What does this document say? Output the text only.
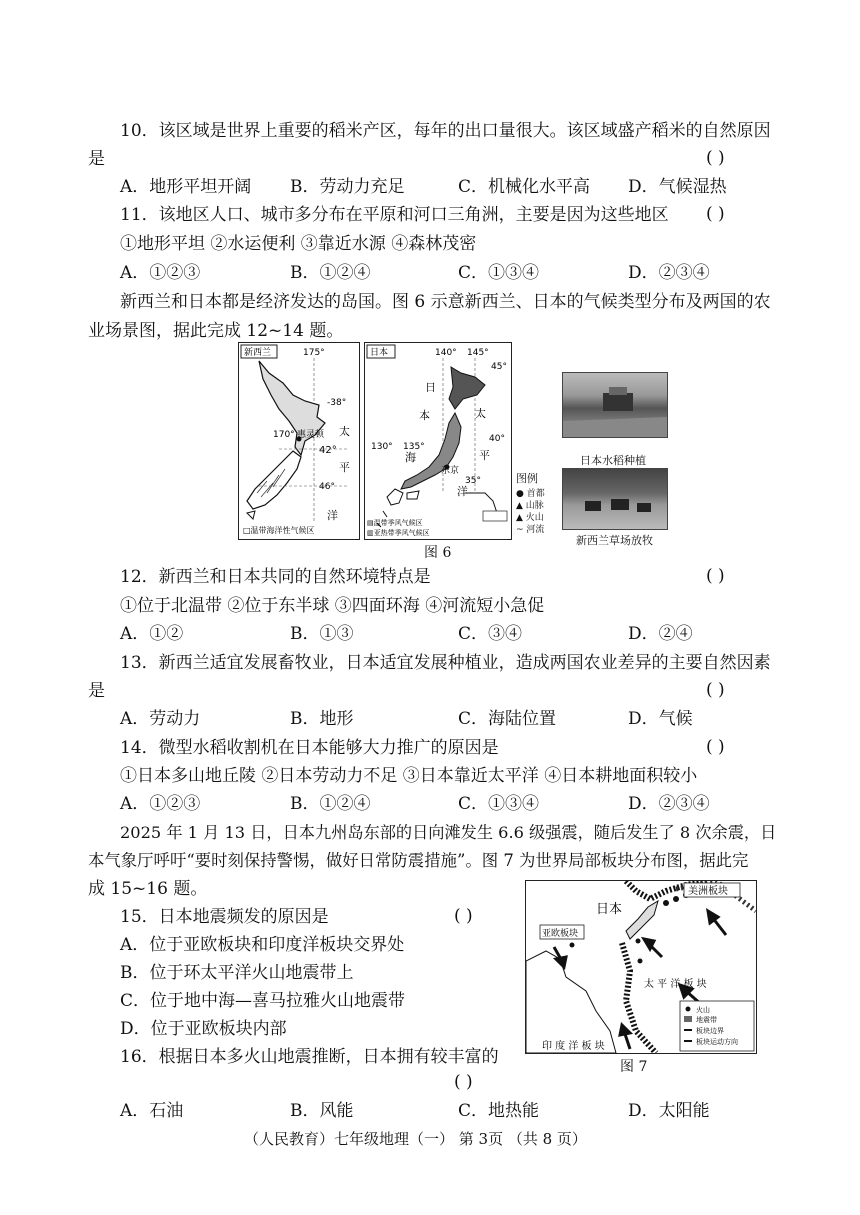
10．该区域是世界上重要的稻米产区，每年的出口量很大。该区域盛产稻米的自然原因
是	( )
A．地形平坦开阔 B．劳动力充足	C．机械化水平高 D．气候湿热
11．该地区人口、城市多分布在平原和河口三角洲，主要是因为这些地区 ( )
①地形平坦 ②水运便利 ③靠近水源 ④森林茂密
A．①②③	B．①②④	C．①③④	D．②③④
新西兰和日本都是经济发达的岛国。图 6 示意新西兰、日本的气候类型分布及两国的农
业场景图，据此完成 12~14 题。
新西兰	175°
-38°
170° 惠灵顿
42°
太
平
46°
洋
□温带海洋性气候区
日本	140° 145°
45°
日
本
海
太
平
洋
40°
130° 135°
东京
35°
▤温带季风气候区
▥亚热带季风气候区
图例
● 首都
▲ 山脉
▲ 火山
~ 河流
日本水稻种植
新西兰草场放牧
图 6
12．新西兰和日本共同的自然环境特点是	( )
①位于北温带 ②位于东半球 ③四面环海 ④河流短小急促
A．①②	B．①③	C．③④	D．②④
13．新西兰适宜发展畜牧业，日本适宜发展种植业，造成两国农业差异的主要自然因素
是	( )
A．劳动力	B．地形	C．海陆位置	D．气候
14．微型水稻收割机在日本能够大力推广的原因是	( )
①日本多山地丘陵 ②日本劳动力不足 ③日本靠近太平洋 ④日本耕地面积较小
A．①②③	B．①②④	C．①③④	D．②③④
2025 年 1 月 13 日，日本九州岛东部的日向滩发生 6.6 级强震，随后发生了 8 次余震，日
本气象厅呼吁“要时刻保持警惕，做好日常防震措施”。图 7 为世界局部板块分布图，据此完
成 15~16 题。
15．日本地震频发的原因是	( )
A．位于亚欧板块和印度洋板块交界处
B．位于环太平洋火山地震带上
C．位于地中海—喜马拉雅火山地震带
D．位于亚欧板块内部
16．根据日本多火山地震推断，日本拥有较丰富的
( )
A．石油	B．风能	C．地热能	D．太阳能
美洲板块
日本
亚欧板块
太 平 洋 板 块
印 度 洋 板 块
火山
地震带
板块边界
板块运动方向
图 7
（人民教育）七年级地理（一） 第 3页 （共 8 页）
